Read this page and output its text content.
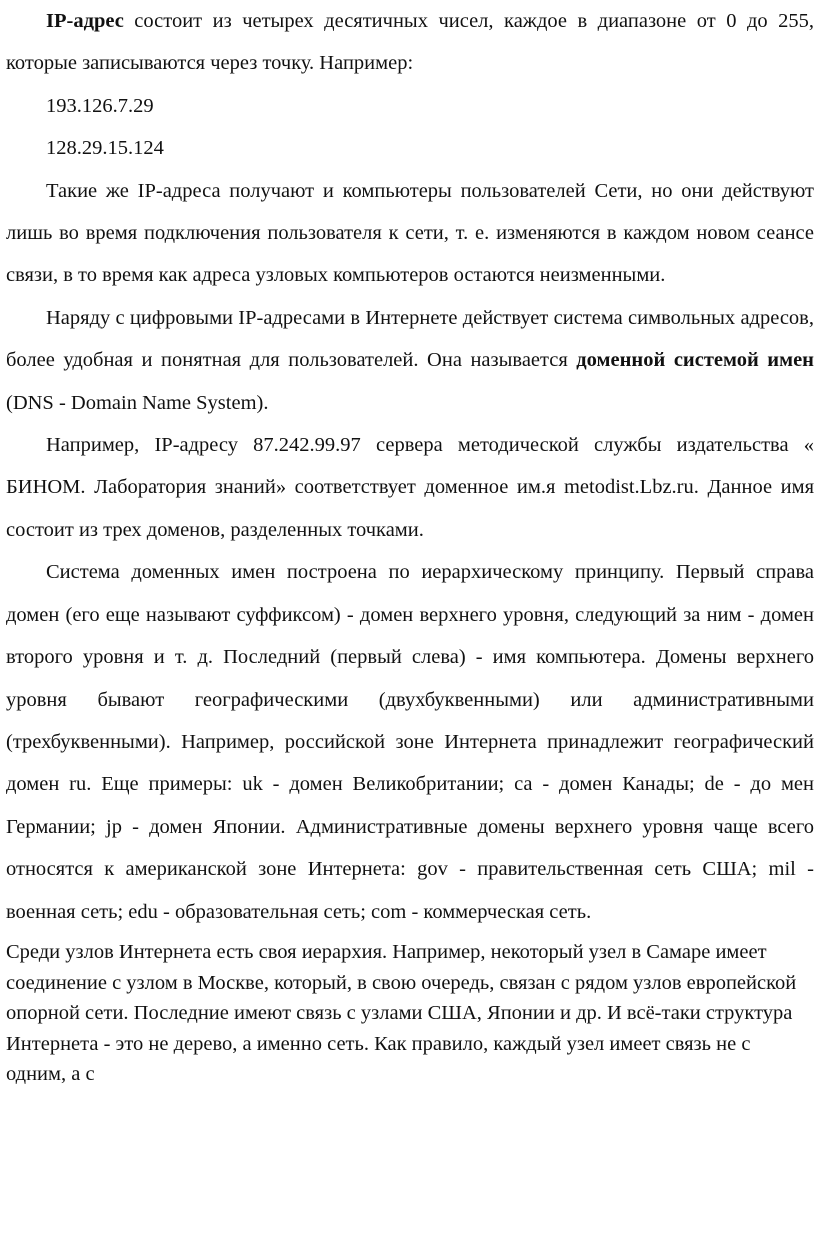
IP-адрес состоит из четырех десятичных чисел, каждое в диапазоне от 0 до 255, которые записываются через точку. Например:

193.126.7.29

128.29.15.124

Такие же IP-адреса получают и компьютеры пользователей Сети, но они действуют лишь во время подключения пользователя к сети, т. е. изменяются в каждом новом сеансе связи, в то время как адреса узловых компьютеров остаются неизменными.

Наряду с цифровыми IP-адресами в Интернете действует система символьных адресов, более удобная и понятная для пользователей. Она называется доменной системой имен (DNS - Domain Name System).

Например, IP-адресу 87.242.99.97 сервера методической службы издательства « БИНОМ. Лаборатория знаний» соответствует доменное им.я metodist.Lbz.ru. Данное имя состоит из трех доменов, разделенных точками.

Система доменных имен построена по иерархическому принципу. Первый справа домен (его еще называют суффиксом) - домен верхнего уровня, следующий за ним - домен второго уровня и т. д. Последний (первый слева) - имя компьютера. Домены верхнего уровня бывают географическими (двухбуквенными) или административными (трехбуквенными). Например, российской зоне Интернета принадлежит географический домен ru. Еще примеры: uk - домен Великобритании; са - домен Канады; de - до мен Германии; jp - домен Японии. Административные домены верхнего уровня чаще всего относятся к американской зоне Интернета: gov - правительственная сеть США; mil - военная сеть; edu - образовательная сеть; com - коммерческая сеть.

Среди узлов Интернета есть своя иерархия. Например, некоторый узел в Самаре имеет соединение с узлом в Москве, который, в свою очередь, связан с рядом узлов европейской опорной сети. Последние имеют связь с узлами США, Японии и др. И всё-таки структура Интернета - это не дерево, а именно сеть. Как правило, каждый узел имеет связь не с одним, а с
